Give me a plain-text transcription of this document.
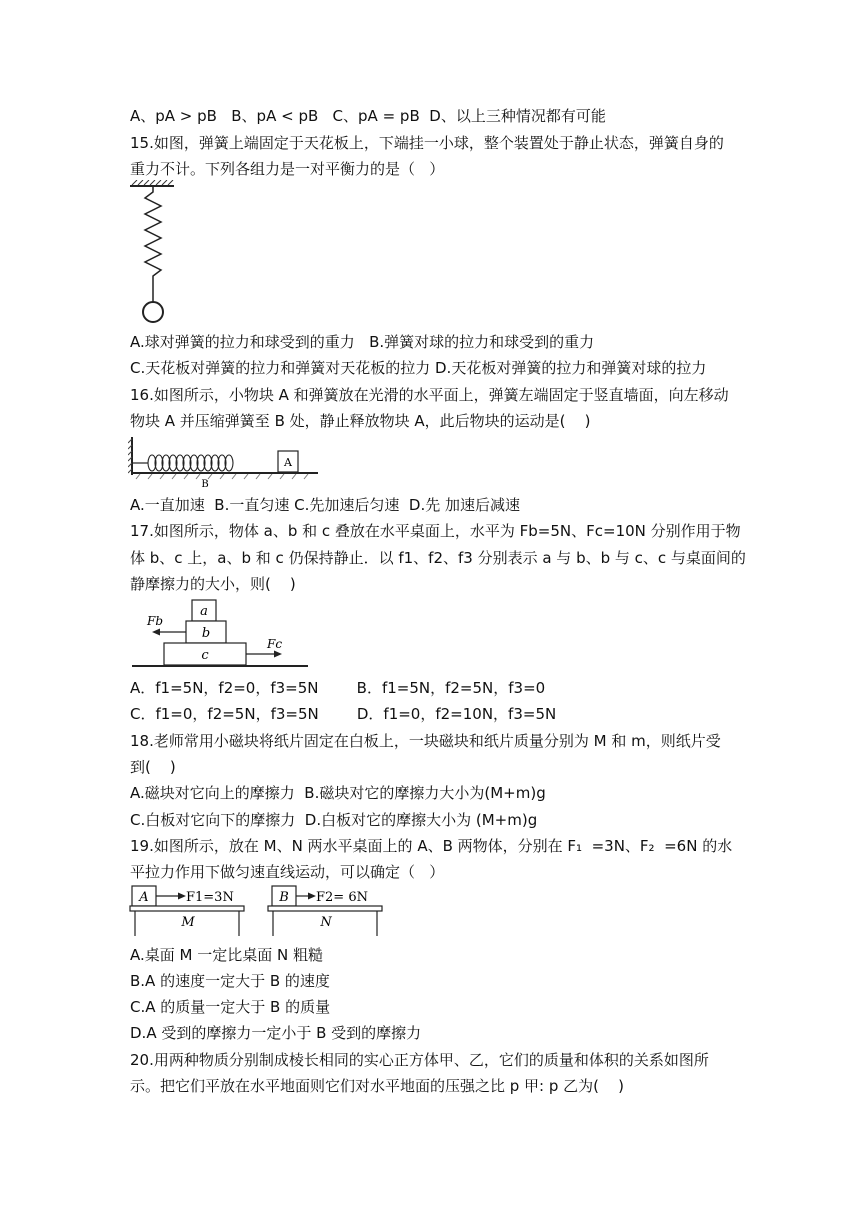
A、pA > pB   B、pA < pB   C、pA = pB  D、以上三种情况都有可能
15.如图，弹簧上端固定于天花板上，下端挂一小球，整个装置处于静止状态，弹簧自身的
重力不计。下列各组力是一对平衡力的是（   ）
A.球对弹簧的拉力和球受到的重力   B.弹簧对球的拉力和球受到的重力
C.天花板对弹簧的拉力和弹簧对天花板的拉力 D.天花板对弹簧的拉力和弹簧对球的拉力
16.如图所示，小物块 A 和弹簧放在光滑的水平面上，弹簧左端固定于竖直墙面，向左移动
物块 A 并压缩弹簧至 B 处，静止释放物块 A，此后物块的运动是(    )
A
B
A.一直加速  B.一直匀速 C.先加速后匀速  D.先 加速后减速
17.如图所示，物体 a、b 和 c 叠放在水平桌面上，水平为 Fb=5N、Fc=10N 分别作用于物
体 b、c 上，a、b 和 c 仍保持静止．以 f1、f2、f3 分别表示 a 与 b、b 与 c、c 与桌面间的
静摩擦力的大小，则(    )
a
b
c
Fb
Fc
A．f1=5N，f2=0，f3=5N        B．f1=5N，f2=5N，f3=0
C．f1=0，f2=5N，f3=5N        D．f1=0，f2=10N，f3=5N
18.老师常用小磁块将纸片固定在白板上，一块磁块和纸片质量分别为 M 和 m，则纸片受
到(    )
A.磁块对它向上的摩擦力  B.磁块对它的摩擦力大小为(M+m)g
C.白板对它向下的摩擦力  D.白板对它的摩擦大小为 (M+m)g
19.如图所示，放在 M、N 两水平桌面上的 A、B 两物体，分别在 F₁  =3N、F₂  =6N 的水
平拉力作用下做匀速直线运动，可以确定（   ）
A	F1=3N
M
B F2= 6N
N
A.桌面 M 一定比桌面 N 粗糙
B.A 的速度一定大于 B 的速度
C.A 的质量一定大于 B 的质量
D.A 受到的摩擦力一定小于 B 受到的摩擦力
20.用两种物质分别制成棱长相同的实心正方体甲、乙，它们的质量和体积的关系如图所
示。把它们平放在水平地面则它们对水平地面的压强之比 p 甲: p 乙为(    )
